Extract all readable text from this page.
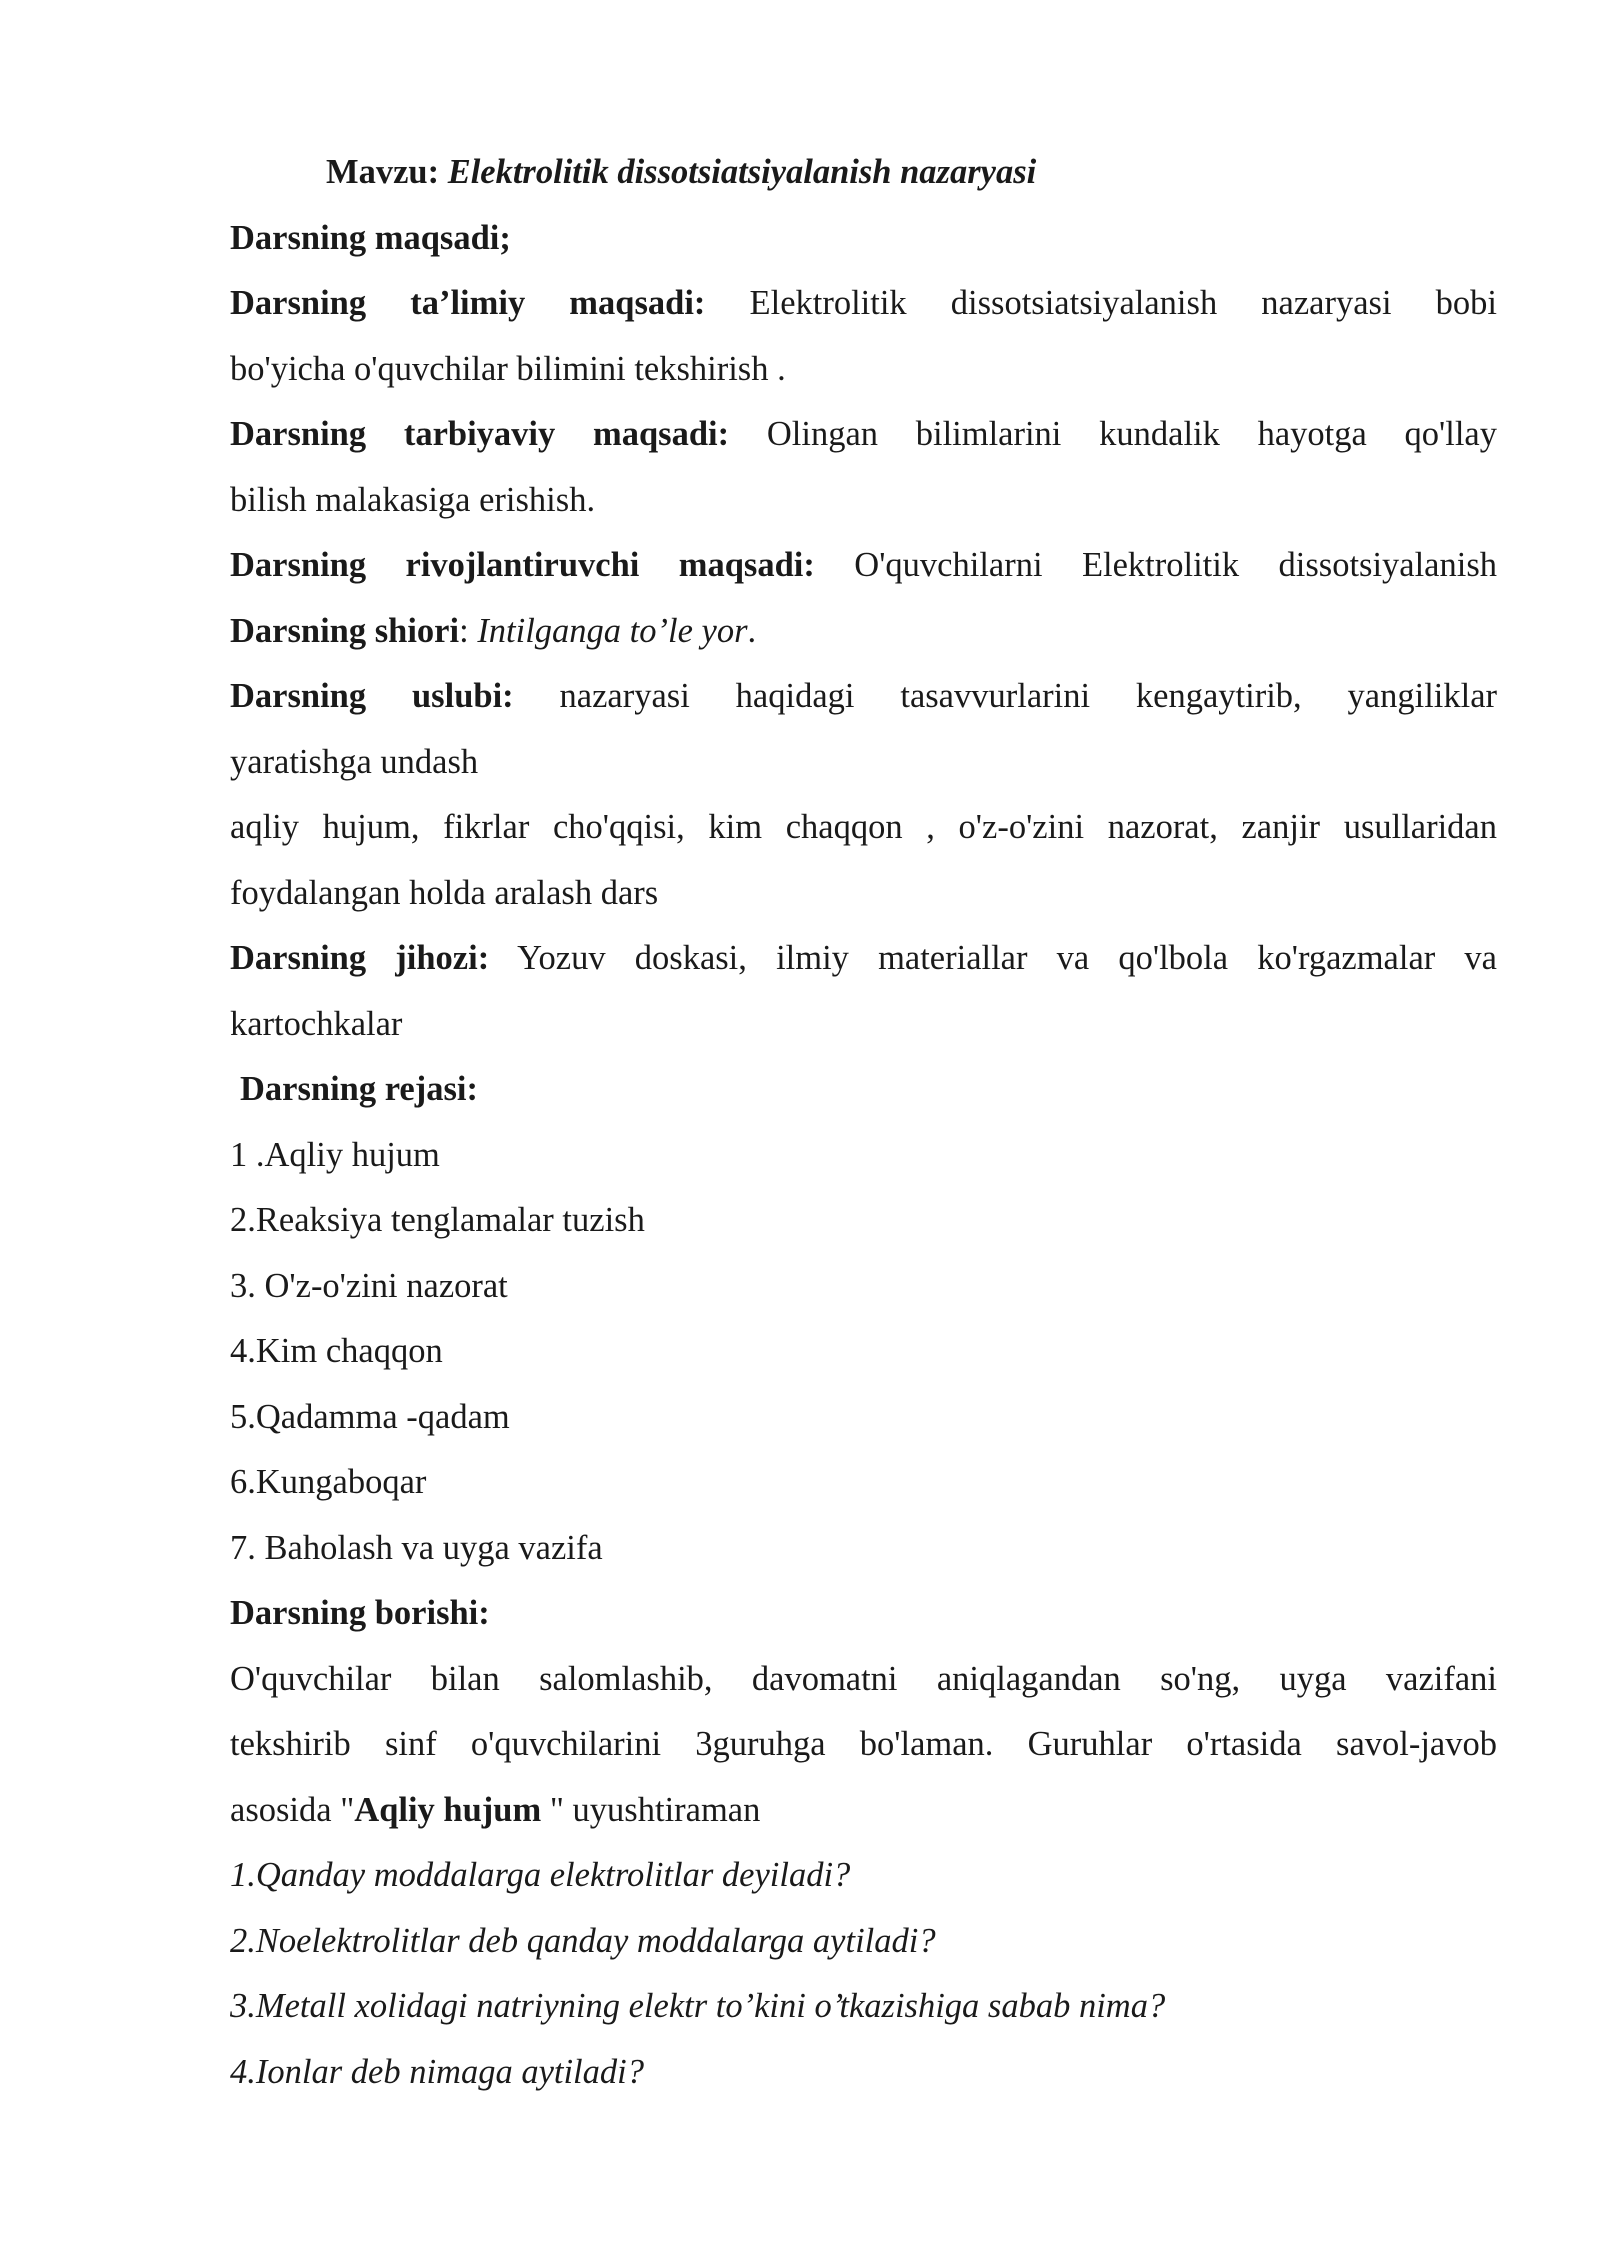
Mavzu: Elektrolitik dissotsiatsiyalanish nazaryasi
Darsning maqsadi;
Darsning ta’limiy maqsadi: Elektrolitik dissotsiatsiyalanish nazaryasi bobi
bo'yicha o'quvchilar bilimini tekshirish .
Darsning tarbiyaviy maqsadi: Olingan bilimlarini kundalik hayotga qo'llay
bilish malakasiga erishish.
Darsning rivojlantiruvchi maqsadi: O'quvchilarni Elektrolitik dissotsiyalanish
Darsning shiori: Intilganga to’le yor.
Darsning uslubi: nazaryasi haqidagi tasavvurlarini kengaytirib, yangiliklar
yaratishga undash
aqliy hujum, fikrlar cho'qqisi, kim chaqqon , o'z-o'zini nazorat, zanjir usullaridan
foydalangan holda aralash dars
Darsning jihozi: Yozuv doskasi, ilmiy materiallar va qo'lbola ko'rgazmalar va
kartochkalar
Darsning rejasi:
1 .Aqliy hujum
2.Reaksiya tenglamalar tuzish
3. O'z-o'zini nazorat
4.Kim chaqqon
5.Qadamma -qadam
6.Kungaboqar
7. Baholash va uyga vazifa
Darsning borishi:
O'quvchilar bilan salomlashib, davomatni aniqlagandan so'ng, uyga vazifani
tekshirib sinf o'quvchilarini 3guruhga bo'laman. Guruhlar o'rtasida savol-javob
asosida "Aqliy hujum " uyushtiraman
1.Qanday moddalarga elektrolitlar deyiladi?
2.Noelektrolitlar deb qanday moddalarga aytiladi?
3.Metall xolidagi natriyning elektr to’kini o’tkazishiga sabab nima?
4.Ionlar deb nimaga aytiladi?
